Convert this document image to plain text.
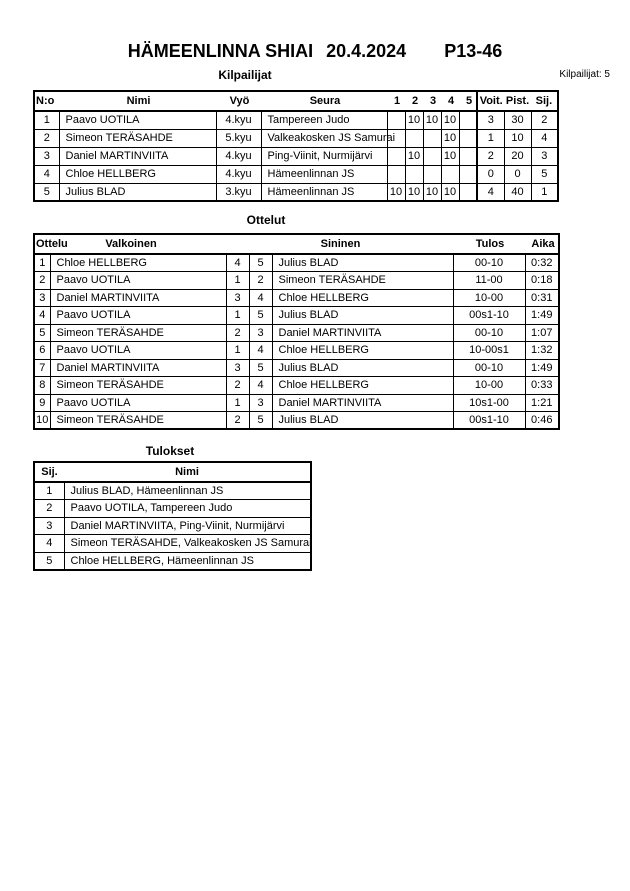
HÄMEENLINNA SHIAI 20.4.2024 P13-46
Kilpailijat	Kilpailijat: 5
N:o	Nimi	Vyö	Seura	1	2	3	4	5	Voit. Pist. Sij.

1	Paavo UOTILA	4.kyu	Tampereen Judo		10	10	10		3	30	2
2	Simeon TERÄSAHDE	5.kyu	Valkeakosken JS Samurai				10		1	10	4
3	Daniel MARTINVIITA	4.kyu	Ping-Viinit, Nurmijärvi		10		10		2	20	3
4	Chloe HELLBERG	4.kyu	Hämeenlinnan JS						0	0	5
5	Julius BLAD	3.kyu	Hämeenlinnan JS	10	10	10	10		4	40	1
Ottelut
Ottelu Valkoinen Sininen Tulos Aika						

1	Chloe HELLBERG	4	5	Julius BLAD	00-10	0:32
2	Paavo UOTILA	1	2	Simeon TERÄSAHDE	11-00	0:18
3	Daniel MARTINVIITA	3	4	Chloe HELLBERG	10-00	0:31
4	Paavo UOTILA	1	5	Julius BLAD	00s1-10	1:49
5	Simeon TERÄSAHDE	2	3	Daniel MARTINVIITA	00-10	1:07
6	Paavo UOTILA	1	4	Chloe HELLBERG	10-00s1	1:32
7	Daniel MARTINVIITA	3	5	Julius BLAD	00-10	1:49
8	Simeon TERÄSAHDE	2	4	Chloe HELLBERG	10-00	0:33
9	Paavo UOTILA	1	3	Daniel MARTINVIITA	10s1-00	1:21
10	Simeon TERÄSAHDE	2	5	Julius BLAD	00s1-10	0:46
Tulokset
Sij.	Nimi
1	Julius BLAD, Hämeenlinnan JS
2	Paavo UOTILA, Tampereen Judo
3	Daniel MARTINVIITA, Ping-Viinit, Nurmijärvi
4	Simeon TERÄSAHDE, Valkeakosken JS Samurai
5	Chloe HELLBERG, Hämeenlinnan JS
